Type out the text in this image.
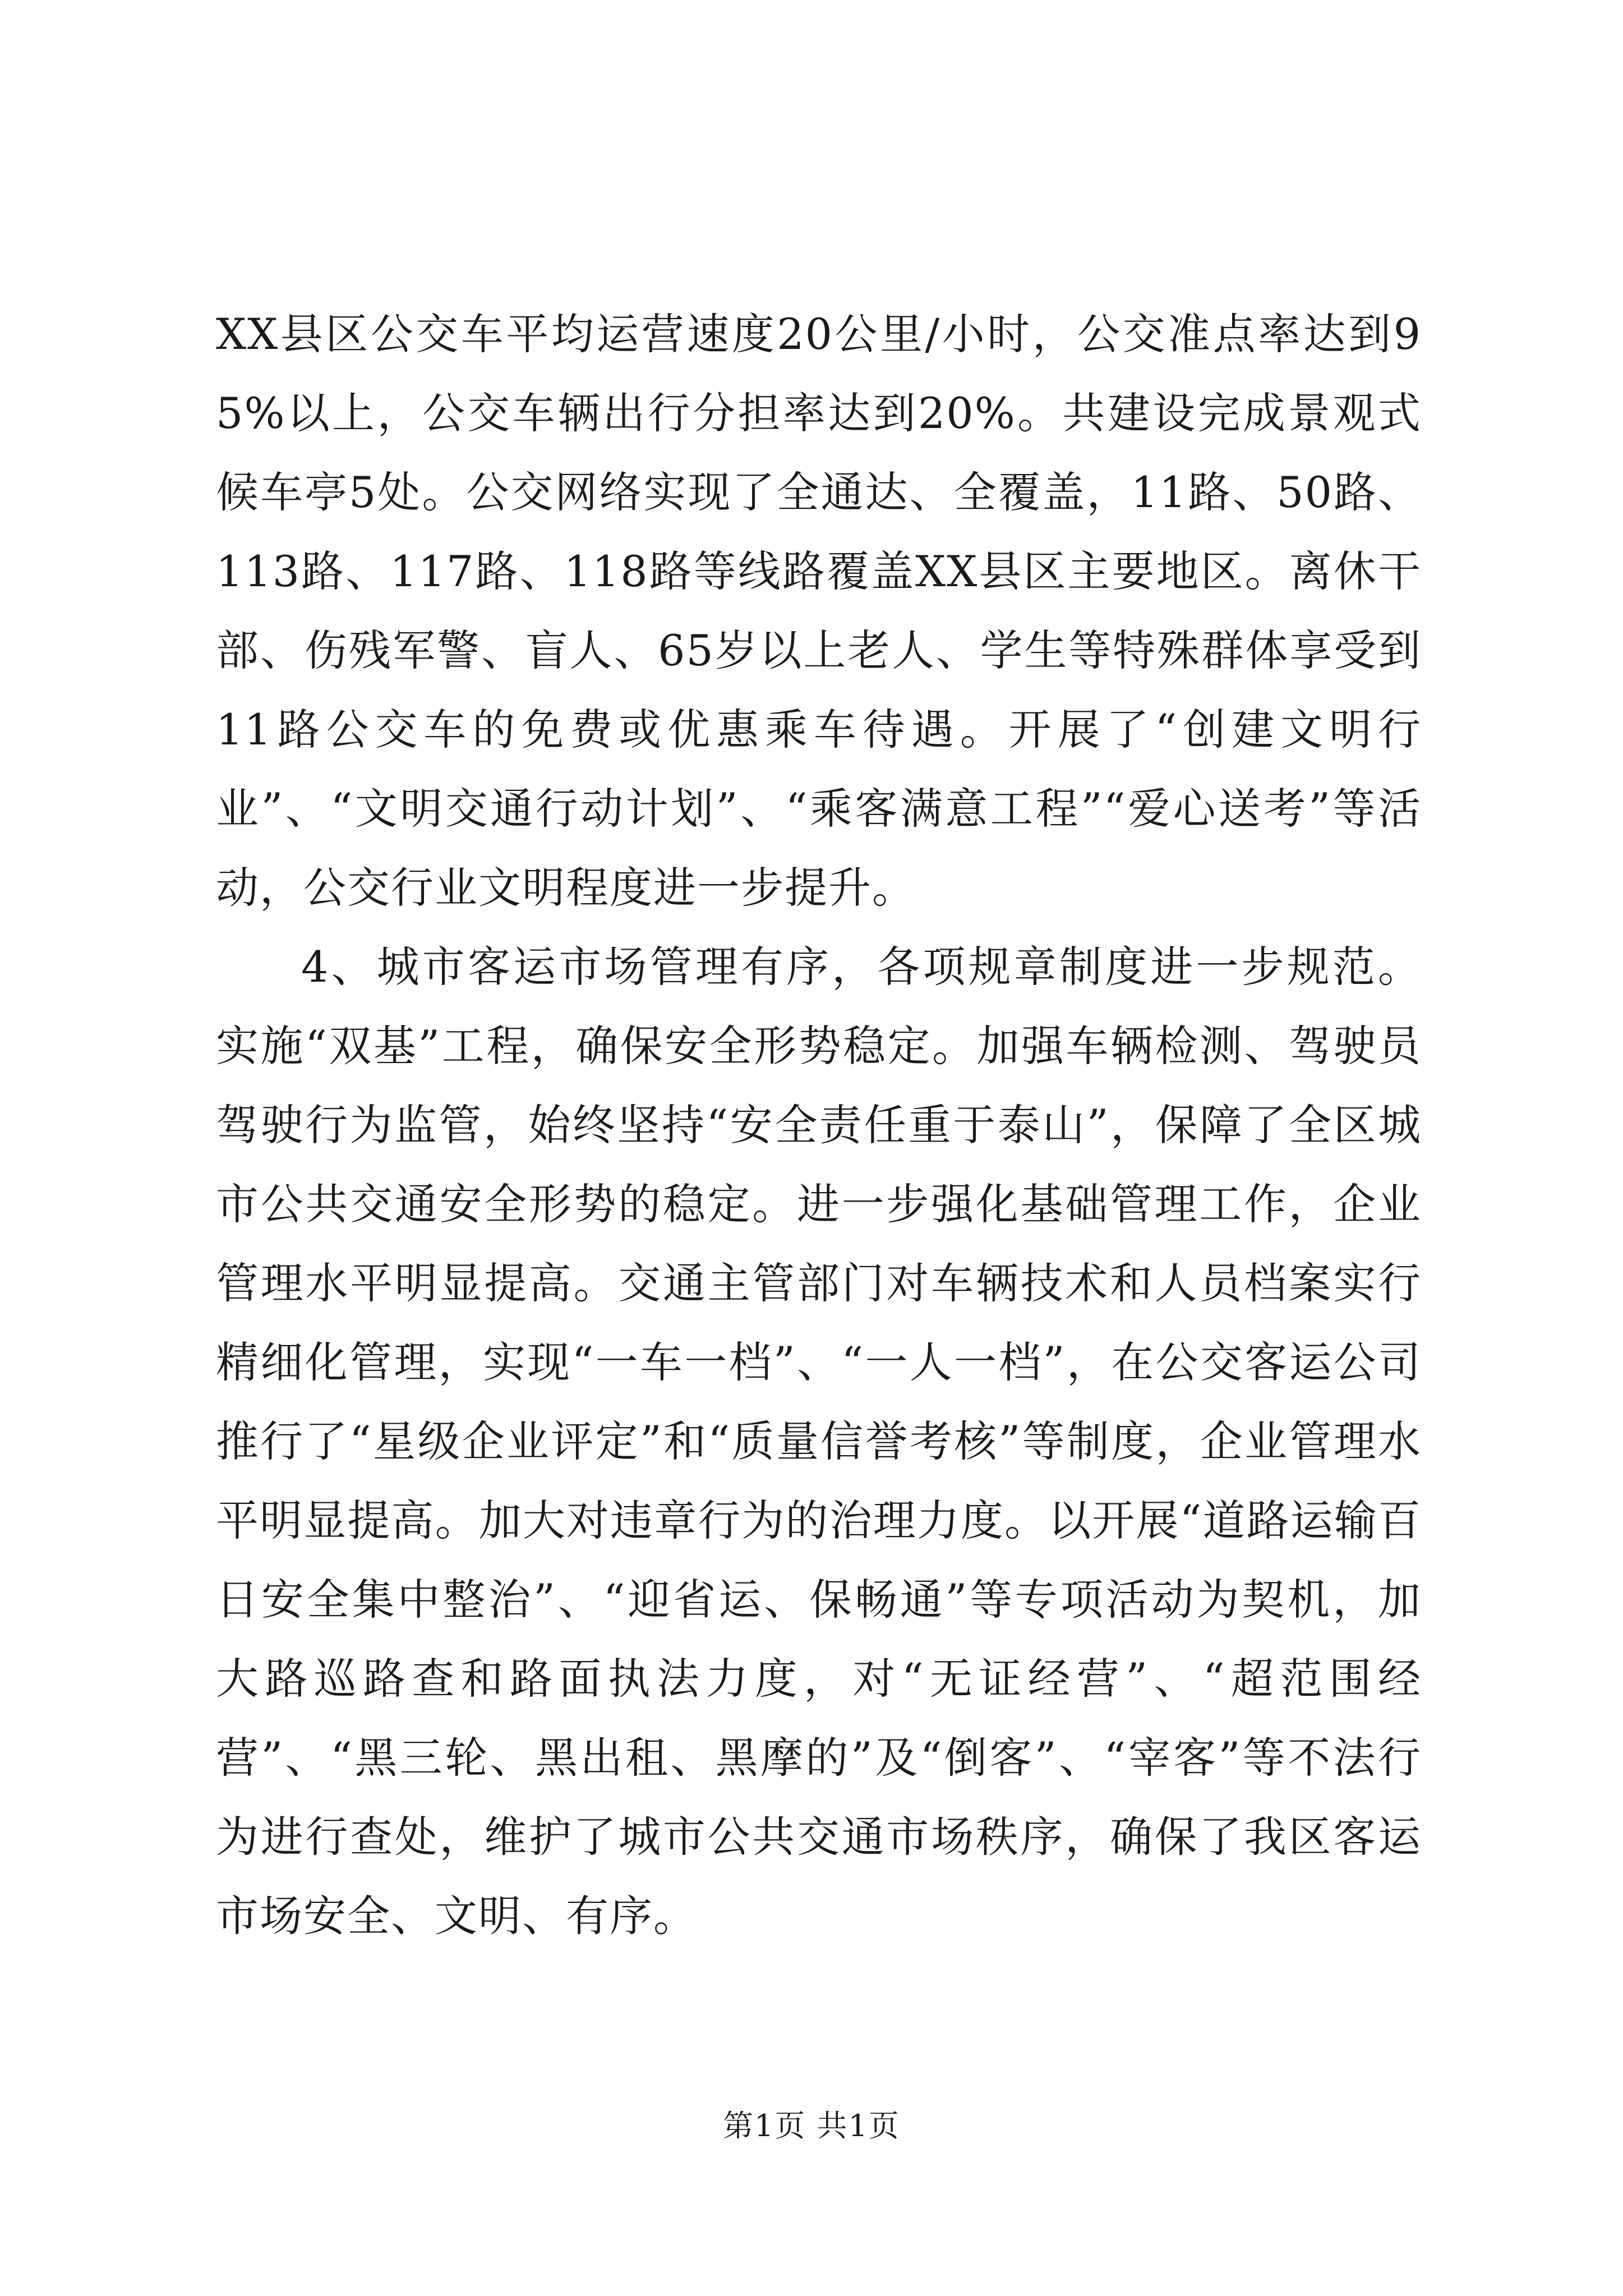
XX县区公交车平均运营速度20公里/小时，公交准点率达到95%以上，公交车辆出行分担率达到20%。共建设完成景观式候车亭5处。公交网络实现了全通达、全覆盖，11路、50路、113路、117路、118路等线路覆盖XX县区主要地区。离休干部、伤残军警、盲人、65岁以上老人、学生等特殊群体享受到11路公交车的免费或优惠乘车待遇。开展了“创建文明行业”、“文明交通行动计划”、“乘客满意工程”“爱心送考”等活动，公交行业文明程度进一步提升。

4、城市客运市场管理有序，各项规章制度进一步规范。实施“双基”工程，确保安全形势稳定。加强车辆检测、驾驶员驾驶行为监管，始终坚持“安全责任重于泰山”，保障了全区城市公共交通安全形势的稳定。进一步强化基础管理工作，企业管理水平明显提高。交通主管部门对车辆技术和人员档案实行精细化管理，实现“一车一档”、“一人一档”，在公交客运公司推行了“星级企业评定”和“质量信誉考核”等制度，企业管理水平明显提高。加大对违章行为的治理力度。以开展“道路运输百日安全集中整治”、“迎省运、保畅通”等专项活动为契机，加大路巡路查和路面执法力度，对“无证经营”、“超范围经营”、“黑三轮、黑出租、黑摩的”及“倒客”、“宰客”等不法行为进行查处，维护了城市公共交通市场秩序，确保了我区客运市场安全、文明、有序。

第1页 共1页
